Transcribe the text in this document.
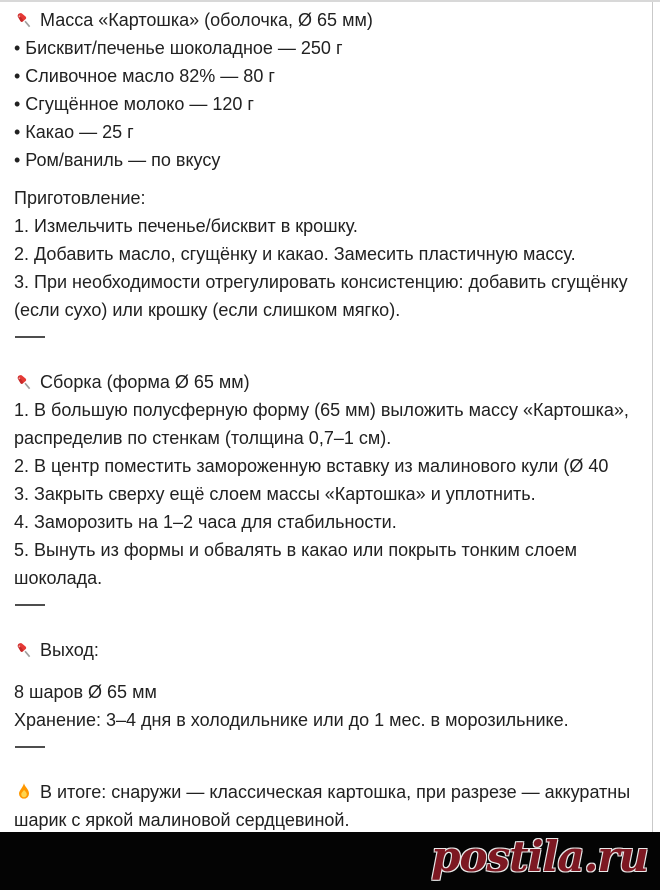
Масса «Картошка» (оболочка, Ø 65 мм)
• Бисквит/печенье шоколадное — 250 г
• Сливочное масло 82% — 80 г
• Сгущённое молоко — 120 г
• Какао — 25 г
• Ром/ваниль — по вкусу
Приготовление:
1. Измельчить печенье/бисквит в крошку.
2. Добавить масло, сгущёнку и какао. Замесить пластичную массу.
3. При необходимости отрегулировать консистенцию: добавить сгущёнку
(если сухо) или крошку (если слишком мягко).
Сборка (форма Ø 65 мм)
1. В большую полусферную форму (65 мм) выложить массу «Картошка»,
распределив по стенкам (толщина 0,7–1 см).
2. В центр поместить замороженную вставку из малинового кули (Ø 40
3. Закрыть сверху ещё слоем массы «Картошка» и уплотнить.
4. Заморозить на 1–2 часа для стабильности.
5. Вынуть из формы и обвалять в какао или покрыть тонким слоем
шоколада.
Выход:
8 шаров Ø 65 мм
Хранение: 3–4 дня в холодильнике или до 1 мес. в морозильнике.
В итоге: снаружи — классическая картошка, при разрезе — аккуратны
шарик с яркой малиновой сердцевиной.
postila.ru
